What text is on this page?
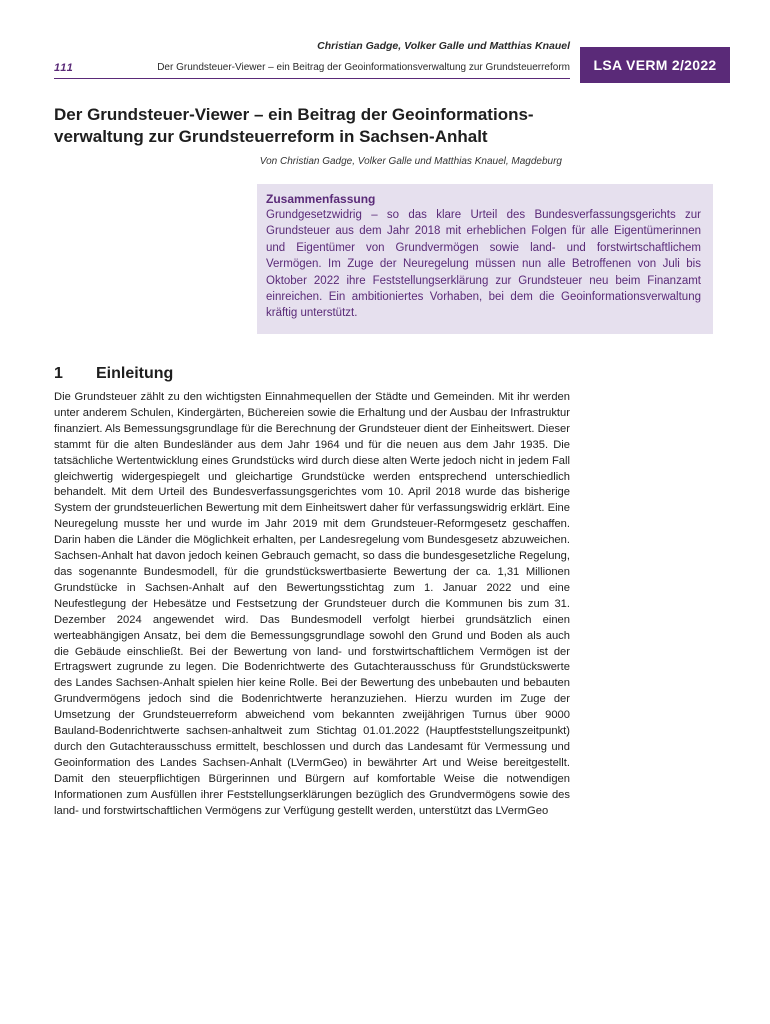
Christian Gadge, Volker Galle und Matthias Knauel
111	Der Grundsteuer-Viewer – ein Beitrag der Geoinformationsverwaltung zur Grundsteuerreform	LSA VERM 2/2022
Der Grundsteuer-Viewer – ein Beitrag der Geoinformations- verwaltung zur Grundsteuerreform in Sachsen-Anhalt
Von Christian Gadge, Volker Galle und Matthias Knauel, Magdeburg
Zusammenfassung
Grundgesetzwidrig – so das klare Urteil des Bundesverfassungsgerichts zur Grundsteuer aus dem Jahr 2018 mit erheblichen Folgen für alle Eigentümerinnen und Eigentümer von Grundvermögen sowie land- und forstwirtschaftlichem Vermögen. Im Zuge der Neuregelung müssen nun alle Betroffenen von Juli bis Oktober 2022 ihre Feststellungserklärung zur Grundsteuer neu beim Finanzamt einreichen. Ein ambitioniertes Vorhaben, bei dem die Geoinformationsverwaltung kräftig unterstützt.
1 Einleitung
Die Grundsteuer zählt zu den wichtigsten Einnahmequellen der Städte und Gemeinden. Mit ihr werden unter anderem Schulen, Kindergärten, Büchereien sowie die Erhaltung und der Ausbau der Infrastruktur finanziert. Als Bemessungsgrundlage für die Berechnung der Grundsteuer dient der Einheitswert. Dieser stammt für die alten Bundesländer aus dem Jahr 1964 und für die neuen aus dem Jahr 1935. Die tatsächliche Wertentwicklung eines Grundstücks wird durch diese alten Werte jedoch nicht in jedem Fall gleichwertig widergespiegelt und gleichartige Grundstücke werden entsprechend unterschiedlich behandelt. Mit dem Urteil des Bundesverfassungsgerichtes vom 10. April 2018 wurde das bisherige System der grundsteuerlichen Bewertung mit dem Einheitswert daher für verfassungswidrig erklärt. Eine Neuregelung musste her und wurde im Jahr 2019 mit dem Grundsteuer-Reformgesetz geschaffen. Darin haben die Länder die Möglichkeit erhalten, per Landesregelung vom Bundesgesetz abzuweichen. Sachsen-Anhalt hat davon jedoch keinen Gebrauch gemacht, so dass die bundesgesetzliche Regelung, das sogenannte Bundesmodell, für die grundstückswertbasierte Bewertung der ca. 1,31 Millionen Grundstücke in Sachsen-Anhalt auf den Bewertungsstichtag zum 1. Januar 2022 und eine Neufestlegung der Hebesätze und Festsetzung der Grundsteuer durch die Kommunen bis zum 31. Dezember 2024 angewendet wird. Das Bundesmodell verfolgt hierbei grundsätzlich einen werteabhängigen Ansatz, bei dem die Bemessungsgrundlage sowohl den Grund und Boden als auch die Gebäude einschließt. Bei der Bewertung von land- und forstwirtschaftlichem Vermögen ist der Ertragswert zugrunde zu legen. Die Bodenrichtwerte des Gutachterausschuss für Grundstückswerte des Landes Sachsen-Anhalt spielen hier keine Rolle. Bei der Bewertung des unbebauten und bebauten Grundvermögens jedoch sind die Bodenrichtwerte heranzuziehen. Hierzu wurden im Zuge der Umsetzung der Grundsteuerreform abweichend vom bekannten zweijährigen Turnus über 9000 Bauland-Bodenrichtwerte sachsen-anhaltweit zum Stichtag 01.01.2022 (Hauptfeststellungszeitpunkt) durch den Gutachterausschuss ermittelt, beschlossen und durch das Landesamt für Vermessung und Geoinformation des Landes Sachsen-Anhalt (LVermGeo) in bewährter Art und Weise bereitgestellt. Damit den steuerpflichtigen Bürgerinnen und Bürgern auf komfortable Weise die notwendigen Informationen zum Ausfüllen ihrer Feststellungserklärungen bezüglich des Grundvermögens sowie des land- und forstwirtschaftlichen Vermögens zur Verfügung gestellt werden, unterstützt das LVermGeo
